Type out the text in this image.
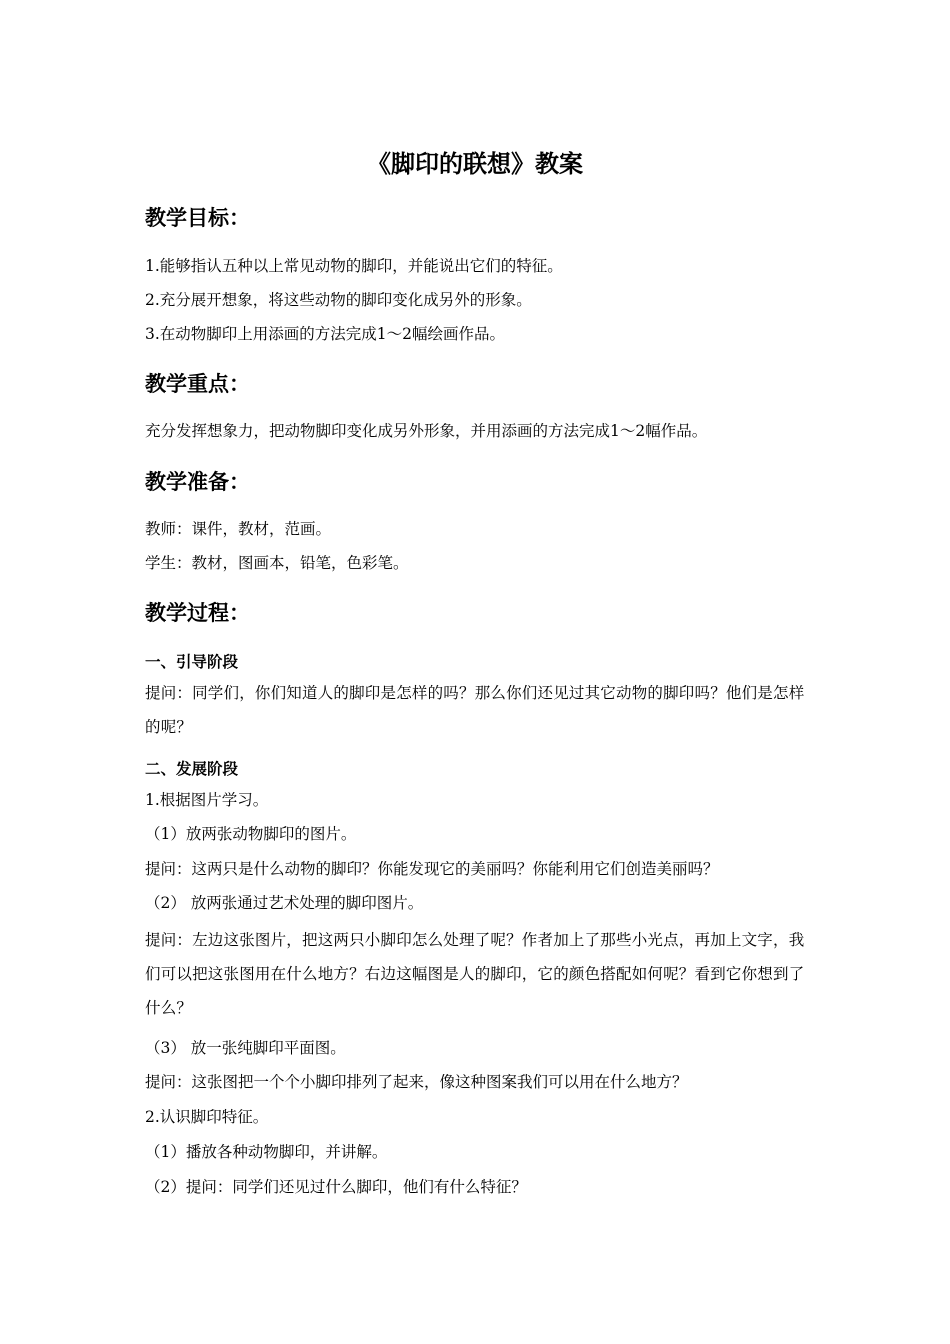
《脚印的联想》教案
教学目标：
1.能够指认五种以上常见动物的脚印，并能说出它们的特征。
2.充分展开想象，将这些动物的脚印变化成另外的形象。
3.在动物脚印上用添画的方法完成1～2幅绘画作品。
教学重点：
充分发挥想象力，把动物脚印变化成另外形象，并用添画的方法完成1～2幅作品。
教学准备：
教师：课件，教材，范画。
学生：教材，图画本，铅笔，色彩笔。
教学过程：
一、引导阶段
提问：同学们，你们知道人的脚印是怎样的吗？那么你们还见过其它动物的脚印吗？他们是怎样的呢？
二、发展阶段
1.根据图片学习。
（1）放两张动物脚印的图片。
提问：这两只是什么动物的脚印？你能发现它的美丽吗？你能利用它们创造美丽吗？
（2） 放两张通过艺术处理的脚印图片。
提问：左边这张图片，把这两只小脚印怎么处理了呢？作者加上了那些小光点，再加上文字，我们可以把这张图用在什么地方？右边这幅图是人的脚印，它的颜色搭配如何呢？看到它你想到了什么？
（3） 放一张纯脚印平面图。
提问：这张图把一个个小脚印排列了起来，像这种图案我们可以用在什么地方？
2.认识脚印特征。
（1）播放各种动物脚印，并讲解。
（2）提问：同学们还见过什么脚印，他们有什么特征？
